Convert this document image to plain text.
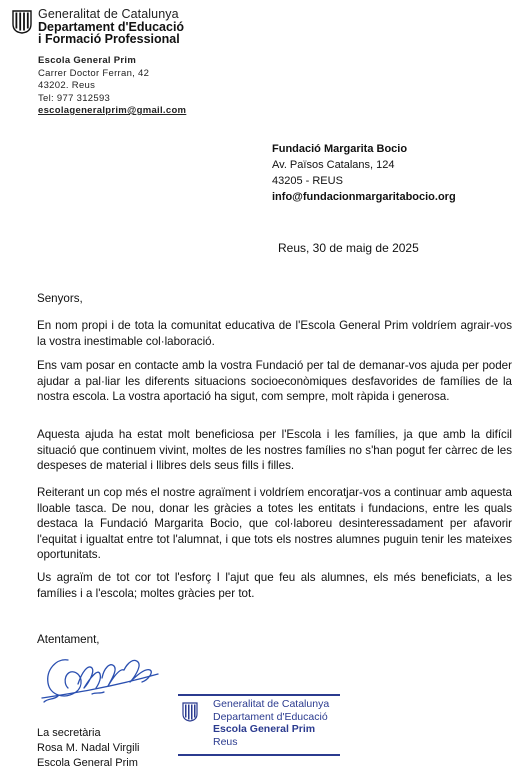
Generalitat de Catalunya
Departament d'Educació
i Formació Professional
Escola General Prim
Carrer Doctor Ferran, 42
43202. Reus
Tel: 977 312593
escolageneralprim@gmail.com
Fundació Margarita Bocio
Av. Països Catalans, 124
43205 - REUS
info@fundacionmargaritabocio.org
Reus, 30 de maig de 2025

Senyors,

En nom propi i de tota la comunitat educativa de l'Escola General Prim voldríem agrair-vos la vostra inestimable col·laboració.

Ens vam posar en contacte amb la vostra Fundació per tal de demanar-vos ajuda per poder ajudar a pal·liar les diferents situacions socioeconòmiques desfavorides de famílies de la nostra escola. La vostra aportació ha sigut, com sempre, molt ràpida i generosa.

Aquesta ajuda ha estat molt beneficiosa per l'Escola i les famílies, ja que amb la difícil situació que continuem vivint, moltes de les nostres famílies no s'han pogut fer càrrec de les despeses de material i llibres dels seus fills i filles.

Reiterant un cop més el nostre agraïment i voldríem encoratjar-vos a continuar amb aquesta lloable tasca. De nou, donar les gràcies a totes les entitats i fundacions, entre les quals destaca la Fundació Margarita Bocio, que col·laboreu desinteressadament per afavorir l'equitat i igualtat entre tot l'alumnat, i que tots els nostres alumnes puguin tenir les mateixes oportunitats.

Us agraïm de tot cor tot l'esforç I l'ajut que feu als alumnes, els més beneficiats, a les famílies i a l'escola; moltes gràcies per tot.

Atentament,
La secretària
Rosa M. Nadal Virgili
Escola General Prim
Generalitat de Catalunya
Departament d'Educació
Escola General Prim
Reus
